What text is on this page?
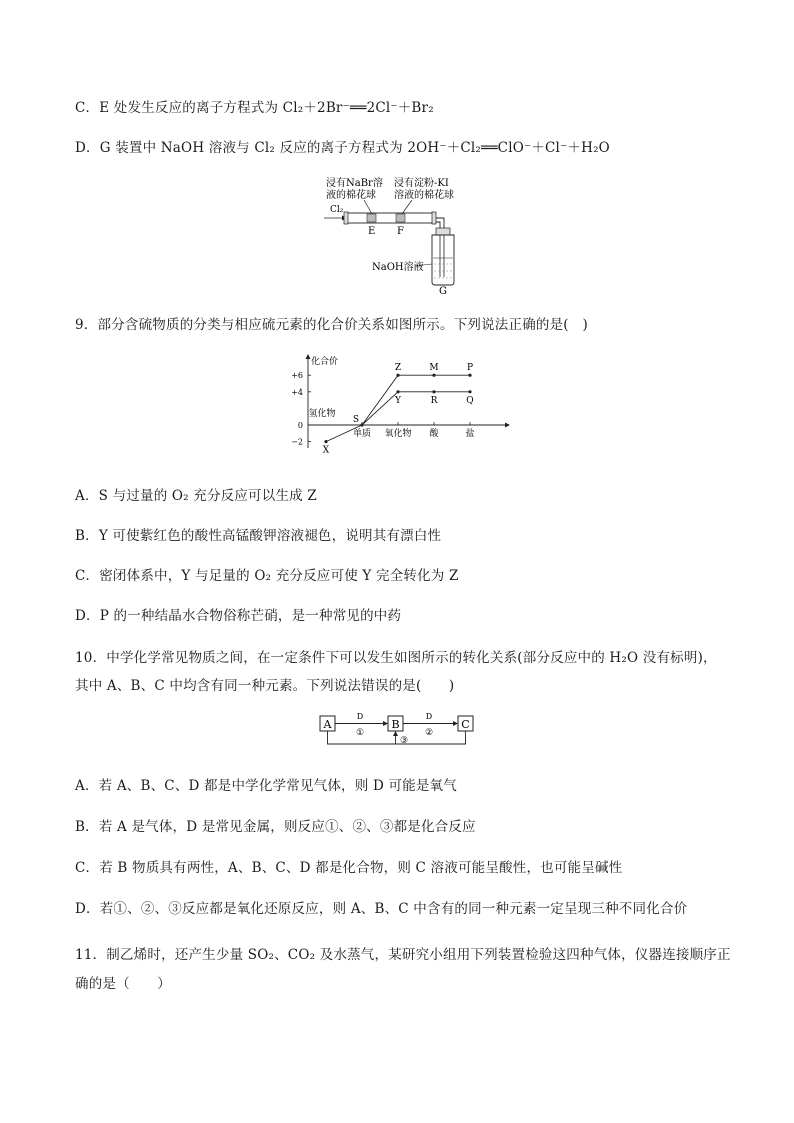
C．E 处发生反应的离子方程式为 Cl₂＋2Br⁻══2Cl⁻＋Br₂
D．G 装置中 NaOH 溶液与 Cl₂ 反应的离子方程式为 2OH⁻＋Cl₂══ClO⁻＋Cl⁻＋H₂O
浸有NaBr溶
液的棉花球
浸有淀粉-KI
溶液的棉花球
Cl₂
E F
NaOH溶液
G
9．部分含硫物质的分类与相应硫元素的化合价关系如图所示。下列说法正确的是(　)
化合价
+6
+4
0
−2
氢化物
单质 氧化物 酸	盐
X
S
Y	R	Q
Z	M	P
A．S 与过量的 O₂ 充分反应可以生成 Z
B．Y 可使紫红色的酸性高锰酸钾溶液褪色，说明其有漂白性
C．密闭体系中，Y 与足量的 O₂ 充分反应可使 Y 完全转化为 Z
D．P 的一种结晶水合物俗称芒硝，是一种常见的中药
10．中学化学常见物质之间，在一定条件下可以发生如图所示的转化关系(部分反应中的 H₂O 没有标明)，
其中 A、B、C 中均含有同一种元素。下列说法错误的是(　　)
A	B	C
D
①
D
②
③
A．若 A、B、C、D 都是中学化学常见气体，则 D 可能是氧气
B．若 A 是气体，D 是常见金属，则反应①、②、③都是化合反应
C．若 B 物质具有两性，A、B、C、D 都是化合物，则 C 溶液可能呈酸性，也可能呈碱性
D．若①、②、③反应都是氧化还原反应，则 A、B、C 中含有的同一种元素一定呈现三种不同化合价
11．制乙烯时，还产生少量 SO₂、CO₂ 及水蒸气，某研究小组用下列装置检验这四种气体，仪器连接顺序正
确的是（　　）
